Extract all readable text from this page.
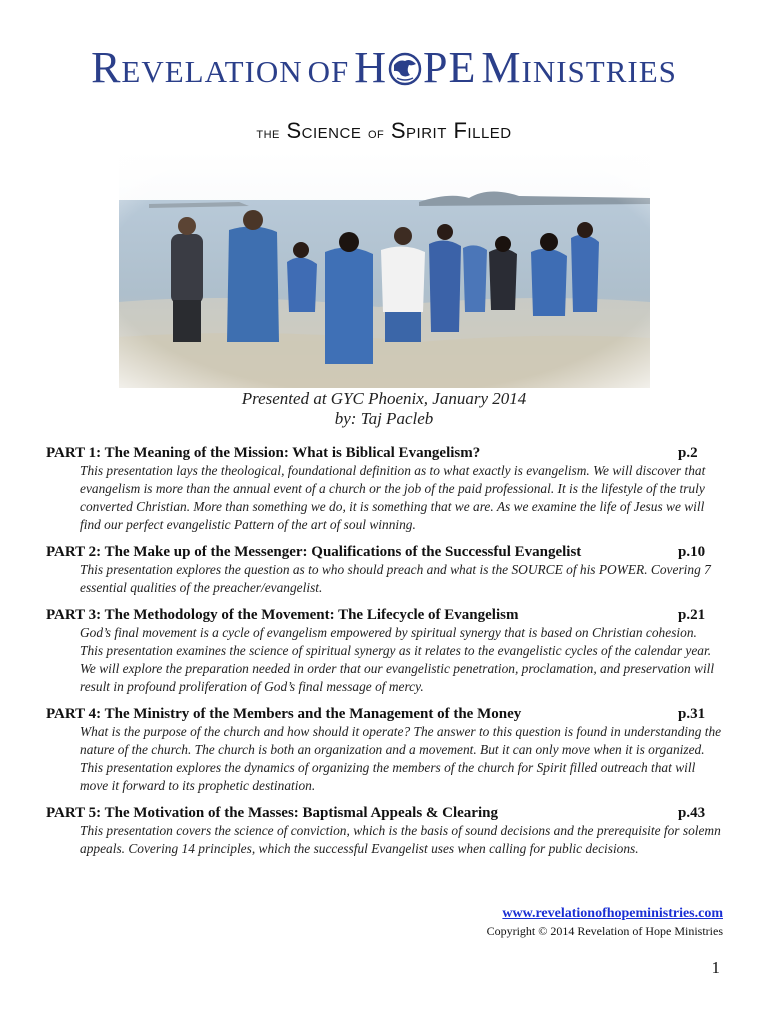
Revelation of H PE Ministries
the Science of Spirit Filled
Presented at GYC Phoenix, January 2014
by: Taj Pacleb
PART 1: The Meaning of the Mission: What is Biblical Evangelism?	p.2
This presentation lays the theological, foundational definition as to what exactly is evangelism. We will discover that evangelism is more than the annual event of a church or the job of the paid professional. It is the lifestyle of the truly converted Christian. More than something we do, it is something that we are. As we examine the life of Jesus we will find our perfect evangelistic Pattern of the art of soul winning.
PART 2: The Make up of the Messenger: Qualifications of the Successful Evangelist	p.10
This presentation explores the question as to who should preach and what is the SOURCE of his POWER. Covering 7 essential qualities of the preacher/evangelist.
PART 3: The Methodology of the Movement: The Lifecycle of Evangelism	p.21
God’s final movement is a cycle of evangelism empowered by spiritual synergy that is based on Christian cohesion. This presentation examines the science of spiritual synergy as it relates to the evangelistic cycles of the calendar year. We will explore the preparation needed in order that our evangelistic penetration, proclamation, and preservation will result in profound proliferation of God’s final message of mercy.
PART 4: The Ministry of the Members and the Management of the Money	p.31
What is the purpose of the church and how should it operate? The answer to this question is found in understanding the nature of the church. The church is both an organization and a movement. But it can only move when it is organized. This presentation explores the dynamics of organizing the members of the church for Spirit filled outreach that will move it forward to its prophetic destination.
PART 5: The Motivation of the Masses: Baptismal Appeals & Clearing	p.43
This presentation covers the science of conviction, which is the basis of sound decisions and the prerequisite for solemn appeals. Covering 14 principles, which the successful Evangelist uses when calling for public decisions.
www.revelationofhopeministries.com
Copyright © 2014 Revelation of Hope Ministries
1
